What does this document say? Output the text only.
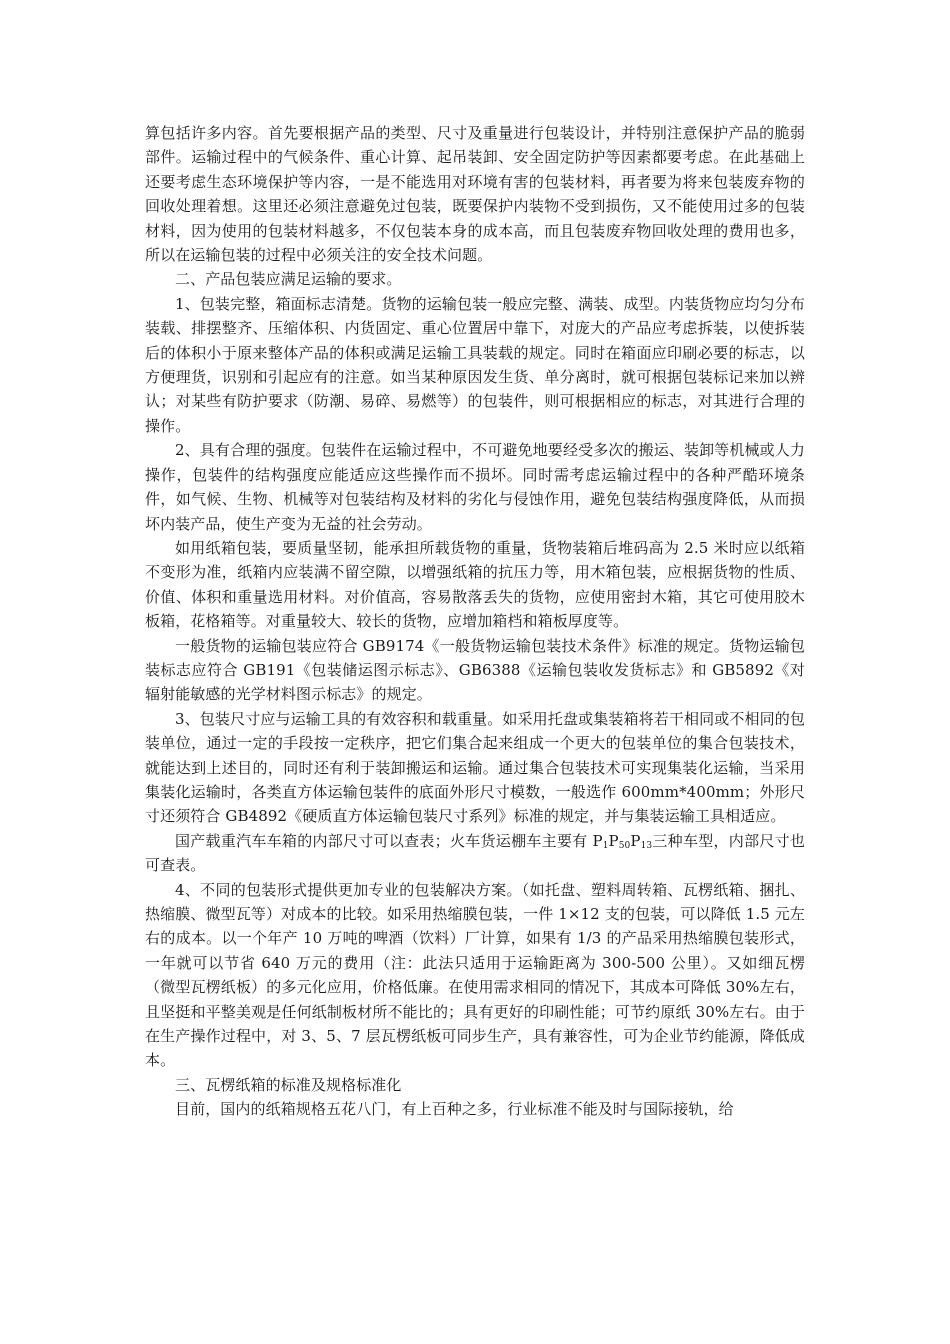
算包括许多内容。首先要根据产品的类型、尺寸及重量进行包装设计，并特别注意保护产品的脆弱部件。运输过程中的气候条件、重心计算、起吊装卸、安全固定防护等因素都要考虑。在此基础上还要考虑生态环境保护等内容，一是不能选用对环境有害的包装材料，再者要为将来包装废弃物的回收处理着想。这里还必须注意避免过包装，既要保护内装物不受到损伤，又不能使用过多的包装材料，因为使用的包装材料越多，不仅包装本身的成本高，而且包装废弃物回收处理的费用也多，所以在运输包装的过程中必须关注的安全技术问题。

二、产品包装应满足运输的要求。

1、包装完整，箱面标志清楚。货物的运输包装一般应完整、满装、成型。内装货物应均匀分布装载、排摆整齐、压缩体积、内货固定、重心位置居中靠下，对庞大的产品应考虑拆装，以使拆装后的体积小于原来整体产品的体积或满足运输工具装载的规定。同时在箱面应印刷必要的标志，以方便理货，识别和引起应有的注意。如当某种原因发生货、单分离时，就可根据包装标记来加以辨认；对某些有防护要求（防潮、易碎、易燃等）的包装件，则可根据相应的标志，对其进行合理的操作。

2、具有合理的强度。包装件在运输过程中，不可避免地要经受多次的搬运、装卸等机械或人力操作，包装件的结构强度应能适应这些操作而不损坏。同时需考虑运输过程中的各种严酷环境条件，如气候、生物、机械等对包装结构及材料的劣化与侵蚀作用，避免包装结构强度降低，从而损坏内装产品，使生产变为无益的社会劳动。

如用纸箱包装，要质量坚韧，能承担所载货物的重量，货物装箱后堆码高为 2.5 米时应以纸箱不变形为准，纸箱内应装满不留空隙，以增强纸箱的抗压力等，用木箱包装，应根据货物的性质、价值、体积和重量选用材料。对价值高，容易散落丢失的货物，应使用密封木箱，其它可使用胶木板箱，花格箱等。对重量较大、较长的货物，应增加箱档和箱板厚度等。

一般货物的运输包装应符合 GB9174《一般货物运输包装技术条件》标准的规定。货物运输包装标志应符合 GB191《包装储运图示标志》、GB6388《运输包装收发货标志》和 GB5892《对辐射能敏感的光学材料图示标志》的规定。

3、包装尺寸应与运输工具的有效容积和载重量。如采用托盘或集装箱将若干相同或不相同的包装单位，通过一定的手段按一定秩序，把它们集合起来组成一个更大的包装单位的集合包装技术，就能达到上述目的，同时还有利于装卸搬运和运输。通过集合包装技术可实现集装化运输，当采用集装化运输时，各类直方体运输包装件的底面外形尺寸模数，一般选作 600mm*400mm；外形尺寸还须符合 GB4892《硬质直方体运输包装尺寸系列》标准的规定，并与集装运输工具相适应。

国产载重汽车车箱的内部尺寸可以查表；火车货运棚车主要有 $P_1P_{50}P_{13}$三种车型，内部尺寸也可查表。

4、不同的包装形式提供更加专业的包装解决方案。（如托盘、塑料周转箱、瓦楞纸箱、捆扎、热缩膜、微型瓦等）对成本的比较。如采用热缩膜包装，一件 1×12 支的包装，可以降低 1.5 元左右的成本。以一个年产 10 万吨的啤酒（饮料）厂计算，如果有 1/3 的产品采用热缩膜包装形式，一年就可以节省 640 万元的费用（注：此法只适用于运输距离为 300-500 公里）。又如细瓦楞（微型瓦楞纸板）的多元化应用，价格低廉。在使用需求相同的情况下，其成本可降低 30%左右，且坚挺和平整美观是任何纸制板材所不能比的；具有更好的印刷性能；可节约原纸 30%左右。由于在生产操作过程中，对 3、5、7 层瓦楞纸板可同步生产，具有兼容性，可为企业节约能源，降低成本。

三、瓦楞纸箱的标准及规格标准化

目前，国内的纸箱规格五花八门，有上百种之多，行业标准不能及时与国际接轨，给
